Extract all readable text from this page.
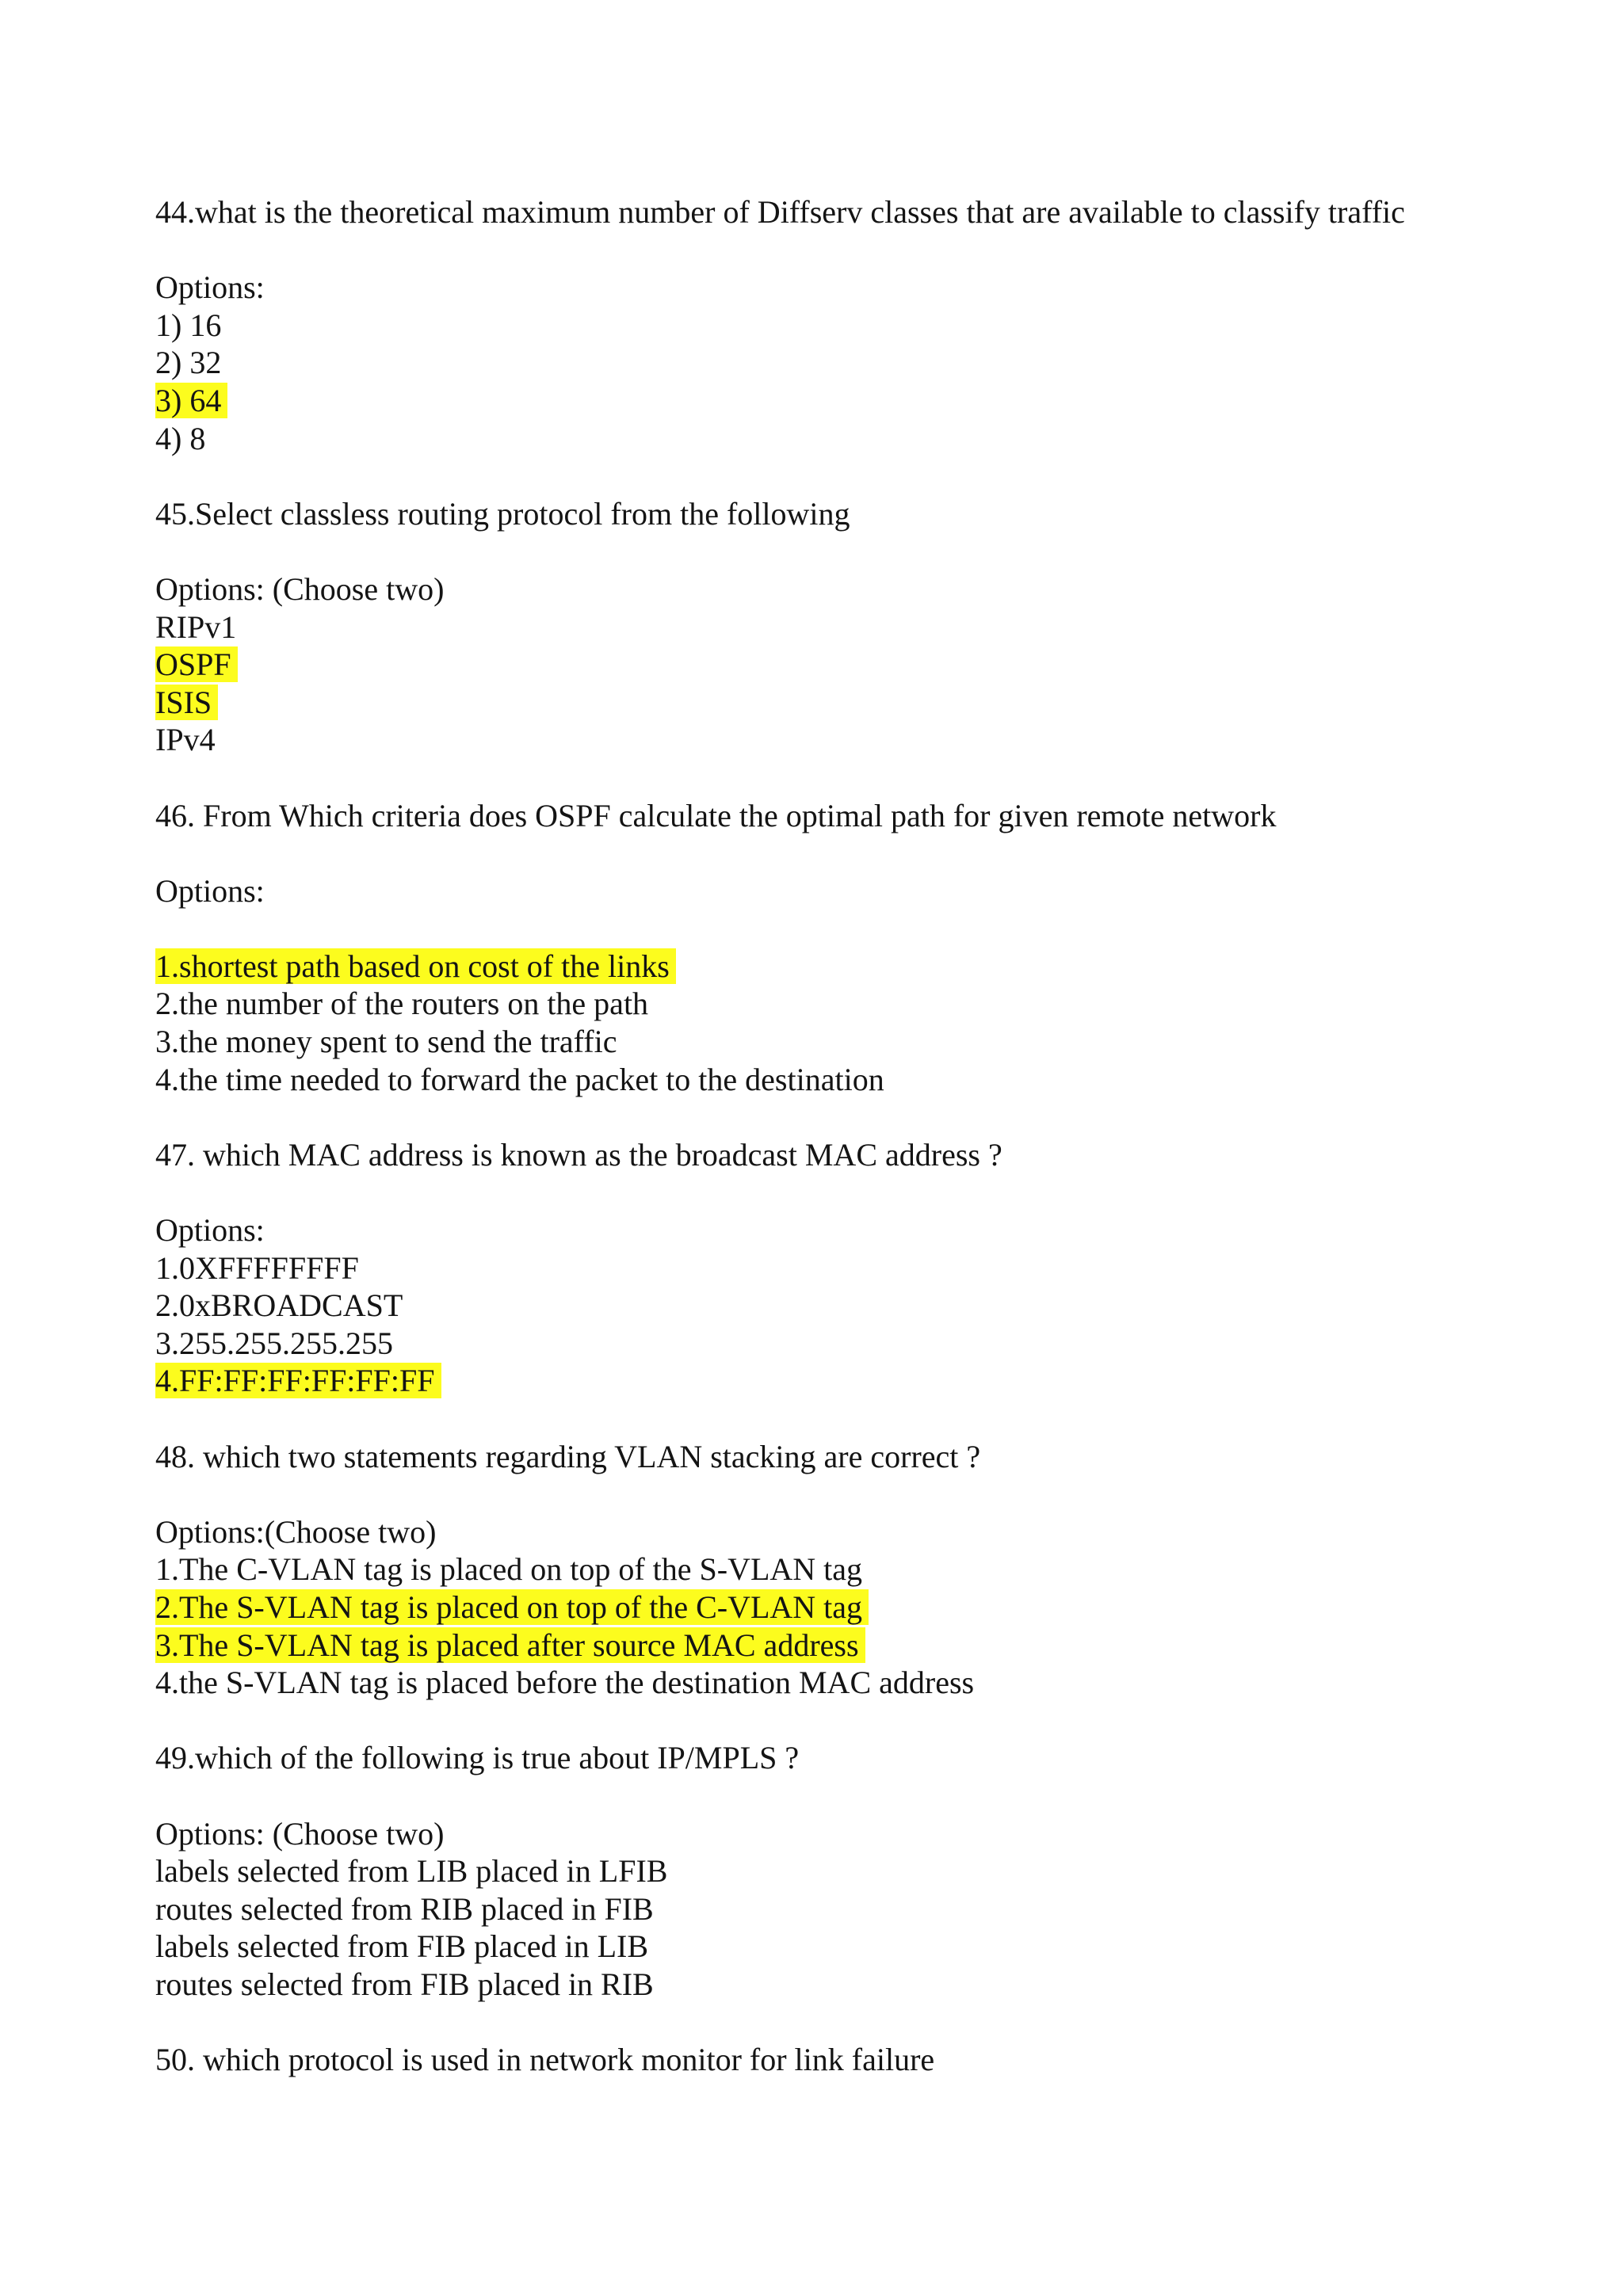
44.what is the theoretical maximum number of Diffserv classes that are available to classify traffic
Options:
1) 16
2) 32
3) 64
4) 8
45.Select classless routing protocol from the following
Options: (Choose two)
RIPv1
OSPF
ISIS
IPv4
46. From Which criteria does OSPF calculate the optimal path for given remote network
Options:
1.shortest path based on cost of the links
2.the number of the routers on the path
3.the money spent to send the traffic
4.the time needed to forward the packet to the destination
47. which MAC address is known as the broadcast MAC address ?
Options:
1.0XFFFFFFFF
2.0xBROADCAST
3.255.255.255.255
4.FF:FF:FF:FF:FF:FF
48. which two statements regarding VLAN stacking are correct ?
Options:(Choose two)
1.The C-VLAN tag is placed on top of the S-VLAN tag
2.The S-VLAN tag is placed on top of the C-VLAN tag
3.The S-VLAN tag is placed after source MAC address
4.the S-VLAN tag is placed before the destination MAC address
49.which of the following is true about IP/MPLS ?
Options: (Choose two)
labels selected from LIB placed in LFIB
routes selected from RIB placed in FIB
labels selected from FIB placed in LIB
routes selected from FIB placed in RIB
50. which protocol is used in network monitor for link failure
